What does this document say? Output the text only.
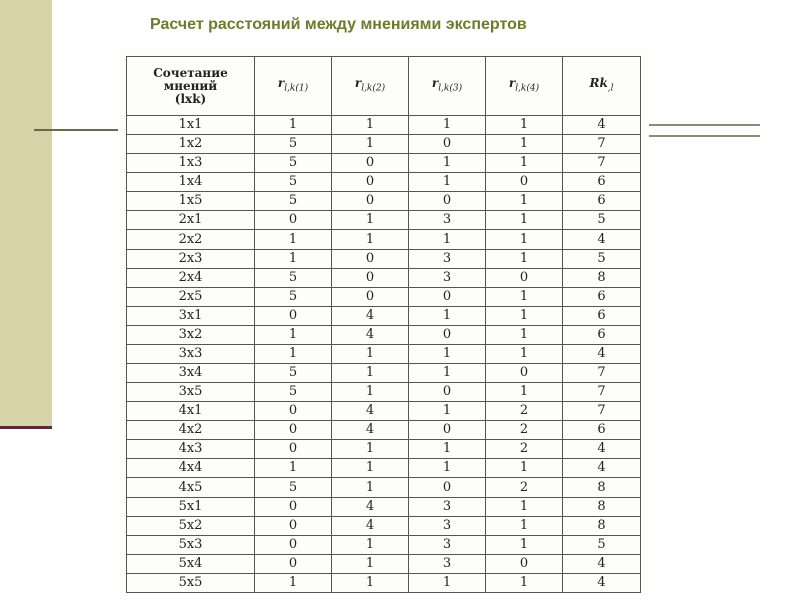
Расчет расстояний между мнениями экспертов
Сочетание
мнений
(lxk)	$r_{l,k(1)}$	$r_{l,k(2)}$	$r_{l,k(3)}$	$r_{l,k(4)}$	$Rk_{,l}$
1x1	1	1	1	1	4
1x2	5	1	0	1	7
1x3	5	0	1	1	7
1x4	5	0	1	0	6
1x5	5	0	0	1	6
2x1	0	1	3	1	5
2x2	1	1	1	1	4
2x3	1	0	3	1	5
2x4	5	0	3	0	8
2x5	5	0	0	1	6
3x1	0	4	1	1	6
3x2	1	4	0	1	6
3x3	1	1	1	1	4
3x4	5	1	1	0	7
3x5	5	1	0	1	7
4x1	0	4	1	2	7
4x2	0	4	0	2	6
4x3	0	1	1	2	4
4x4	1	1	1	1	4
4x5	5	1	0	2	8
5x1	0	4	3	1	8
5x2	0	4	3	1	8
5x3	0	1	3	1	5
5x4	0	1	3	0	4
5x5	1	1	1	1	4
